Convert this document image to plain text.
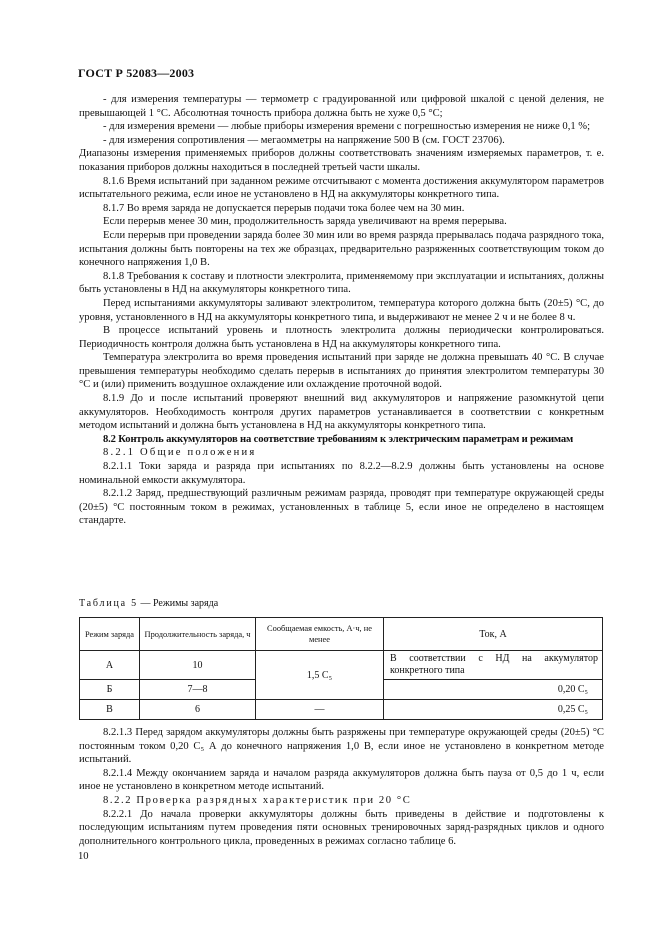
ГОСТ Р 52083—2003

- для измерения температуры — термометр с градуированной или цифровой шкалой с ценой деления, не превышающей 1 °С. Абсолютная точность прибора должна быть не хуже 0,5 °С;

- для измерения времени — любые приборы измерения времени с погрешностью измерения не ниже 0,1 %;

- для измерения сопротивления — мегаомметры на напряжение 500 В (см. ГОСТ 23706).

Диапазоны измерения применяемых приборов должны соответствовать значениям измеряемых параметров, т. е. показания приборов должны находиться в последней третьей части шкалы.

8.1.6 Время испытаний при заданном режиме отсчитывают с момента достижения аккумулятором параметров испытательного режима, если иное не установлено в НД на аккумуляторы конкретного типа.

8.1.7 Во время заряда не допускается перерыв подачи тока более чем на 30 мин.

Если перерыв менее 30 мин, продолжительность заряда увеличивают на время перерыва.

Если перерыв при проведении заряда более 30 мин или во время разряда прерывалась подача разрядного тока, испытания должны быть повторены на тех же образцах, предварительно разряженных соответствующим током до конечного напряжения 1,0 В.

8.1.8 Требования к составу и плотности электролита, применяемому при эксплуатации и испытаниях, должны быть установлены в НД на аккумуляторы конкретного типа.

Перед испытаниями аккумуляторы заливают электролитом, температура которого должна быть (20±5) °С, до уровня, установленного в НД на аккумуляторы конкретного типа, и выдерживают не менее 2 ч и не более 8 ч.

В процессе испытаний уровень и плотность электролита должны периодически контролироваться. Периодичность контроля должна быть установлена в НД на аккумуляторы конкретного типа.

Температура электролита во время проведения испытаний при заряде не должна превышать 40 °С. В случае превышения температуры необходимо сделать перерыв в испытаниях до принятия электролитом температуры 30 °С и (или) применить воздушное охлаждение или охлаждение проточной водой.

8.1.9 До и после испытаний проверяют внешний вид аккумуляторов и напряжение разомкнутой цепи аккумуляторов. Необходимость контроля других параметров устанавливается в соответствии с конкретным методом испытаний и должна быть установлена в НД на аккумуляторы конкретного типа.

8.2 Контроль аккумуляторов на соответствие требованиям к электрическим параметрам и режимам

8.2.1 Общие положения

8.2.1.1 Токи заряда и разряда при испытаниях по 8.2.2—8.2.9 должны быть установлены на основе номинальной емкости аккумулятора.

8.2.1.2 Заряд, предшествующий различным режимам разряда, проводят при температуре окружающей среды (20±5) °С постоянным током в режимах, установленных в таблице 5, если иное не определено в настоящем стандарте.

Таблица 5 — Режимы заряда
Режим заряда	Продолжительность заряда, ч	Сообщаемая емкость, А·ч, не менее	Ток, А
А	10	1,5 C₅	В соответствии с НД на аккумулятор конкретного типа
Б	7—8		0,20 C₅
В	6	—	0,25 C₅

8.2.1.3 Перед зарядом аккумуляторы должны быть разряжены при температуре окружающей среды (20±5) °С постоянным током 0,20 C₅ А до конечного напряжения 1,0 В, если иное не установлено в конкретном методе испытаний.

8.2.1.4 Между окончанием заряда и началом разряда аккумуляторов должна быть пауза от 0,5 до 1 ч, если иное не установлено в конкретном методе испытаний.

8.2.2 Проверка разрядных характеристик при 20 °С

8.2.2.1 До начала проверки аккумуляторы должны быть приведены в действие и подготовлены к последующим испытаниям путем проведения пяти основных тренировочных заряд-разрядных циклов и одного дополнительного контрольного цикла, проведенных в режимах согласно таблице 6.

10
